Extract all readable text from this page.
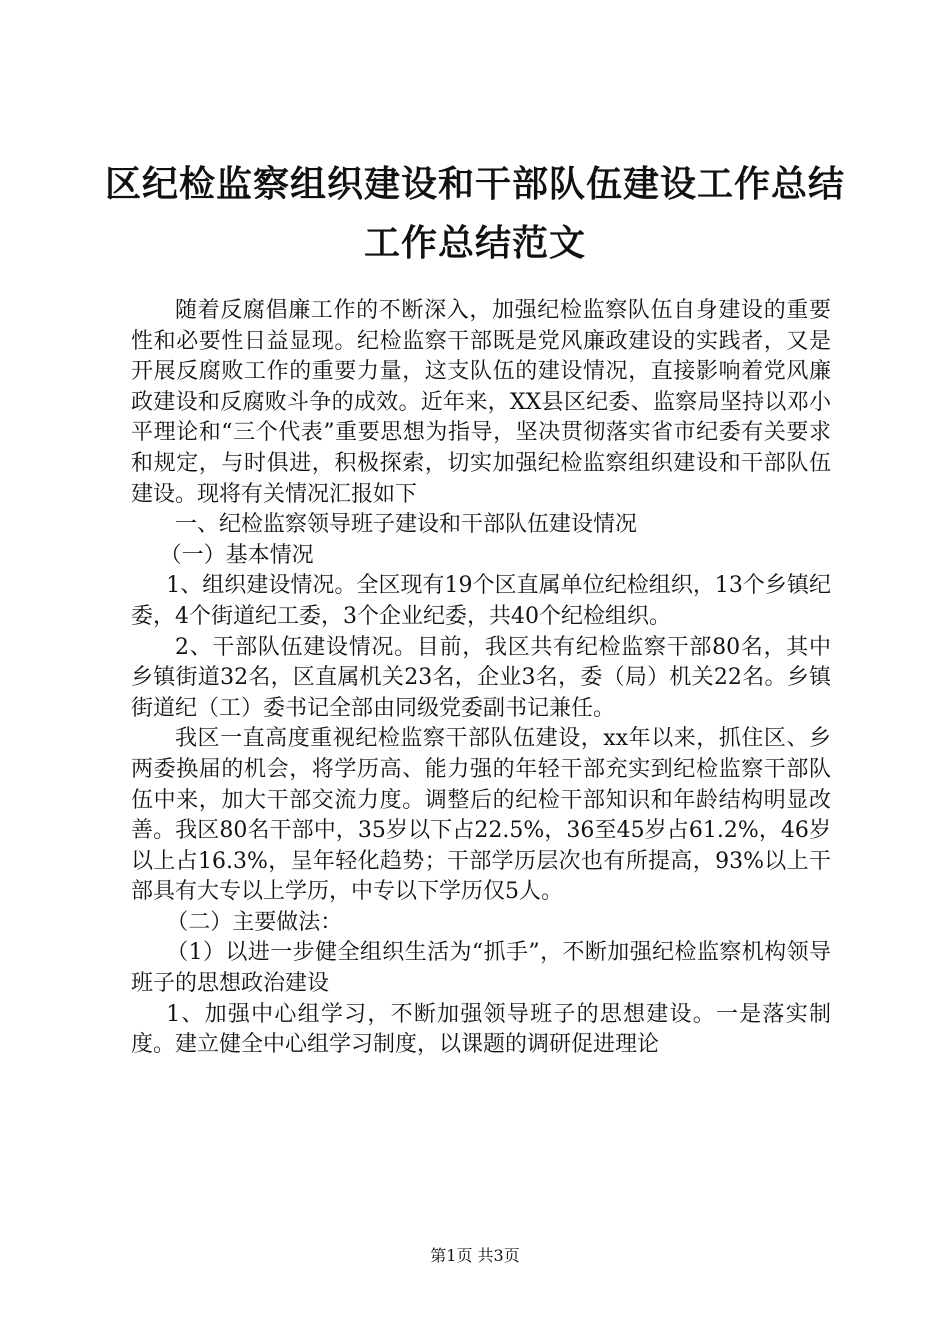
区纪检监察组织建设和干部队伍建设工作总结
工作总结范文

随着反腐倡廉工作的不断深入，加强纪检监察队伍自身建设的重要性和必要性日益显现。纪检监察干部既是党风廉政建设的实践者，又是开展反腐败工作的重要力量，这支队伍的建设情况，直接影响着党风廉政建设和反腐败斗争的成效。近年来，XX县区纪委、监察局坚持以邓小平理论和“三个代表”重要思想为指导，坚决贯彻落实省市纪委有关要求和规定，与时俱进，积极探索，切实加强纪检监察组织建设和干部队伍建设。现将有关情况汇报如下

一、纪检监察领导班子建设和干部队伍建设情况

（一）基本情况

1、组织建设情况。全区现有19个区直属单位纪检组织，13个乡镇纪委，4个街道纪工委，3个企业纪委，共40个纪检组织。

2、干部队伍建设情况。目前，我区共有纪检监察干部80名，其中乡镇街道32名，区直属机关23名，企业3名，委（局）机关22名。乡镇街道纪（工）委书记全部由同级党委副书记兼任。

我区一直高度重视纪检监察干部队伍建设，xx年以来，抓住区、乡两委换届的机会，将学历高、能力强的年轻干部充实到纪检监察干部队伍中来，加大干部交流力度。调整后的纪检干部知识和年龄结构明显改善。我区80名干部中，35岁以下占22.5%，36至45岁占61.2%，46岁以上占16.3%，呈年轻化趋势；干部学历层次也有所提高，93%以上干部具有大专以上学历，中专以下学历仅5人。

（二）主要做法：

（1）以进一步健全组织生活为“抓手”，不断加强纪检监察机构领导班子的思想政治建设

1、加强中心组学习，不断加强领导班子的思想建设。一是落实制度。建立健全中心组学习制度，以课题的调研促进理论

第1页 共3页
